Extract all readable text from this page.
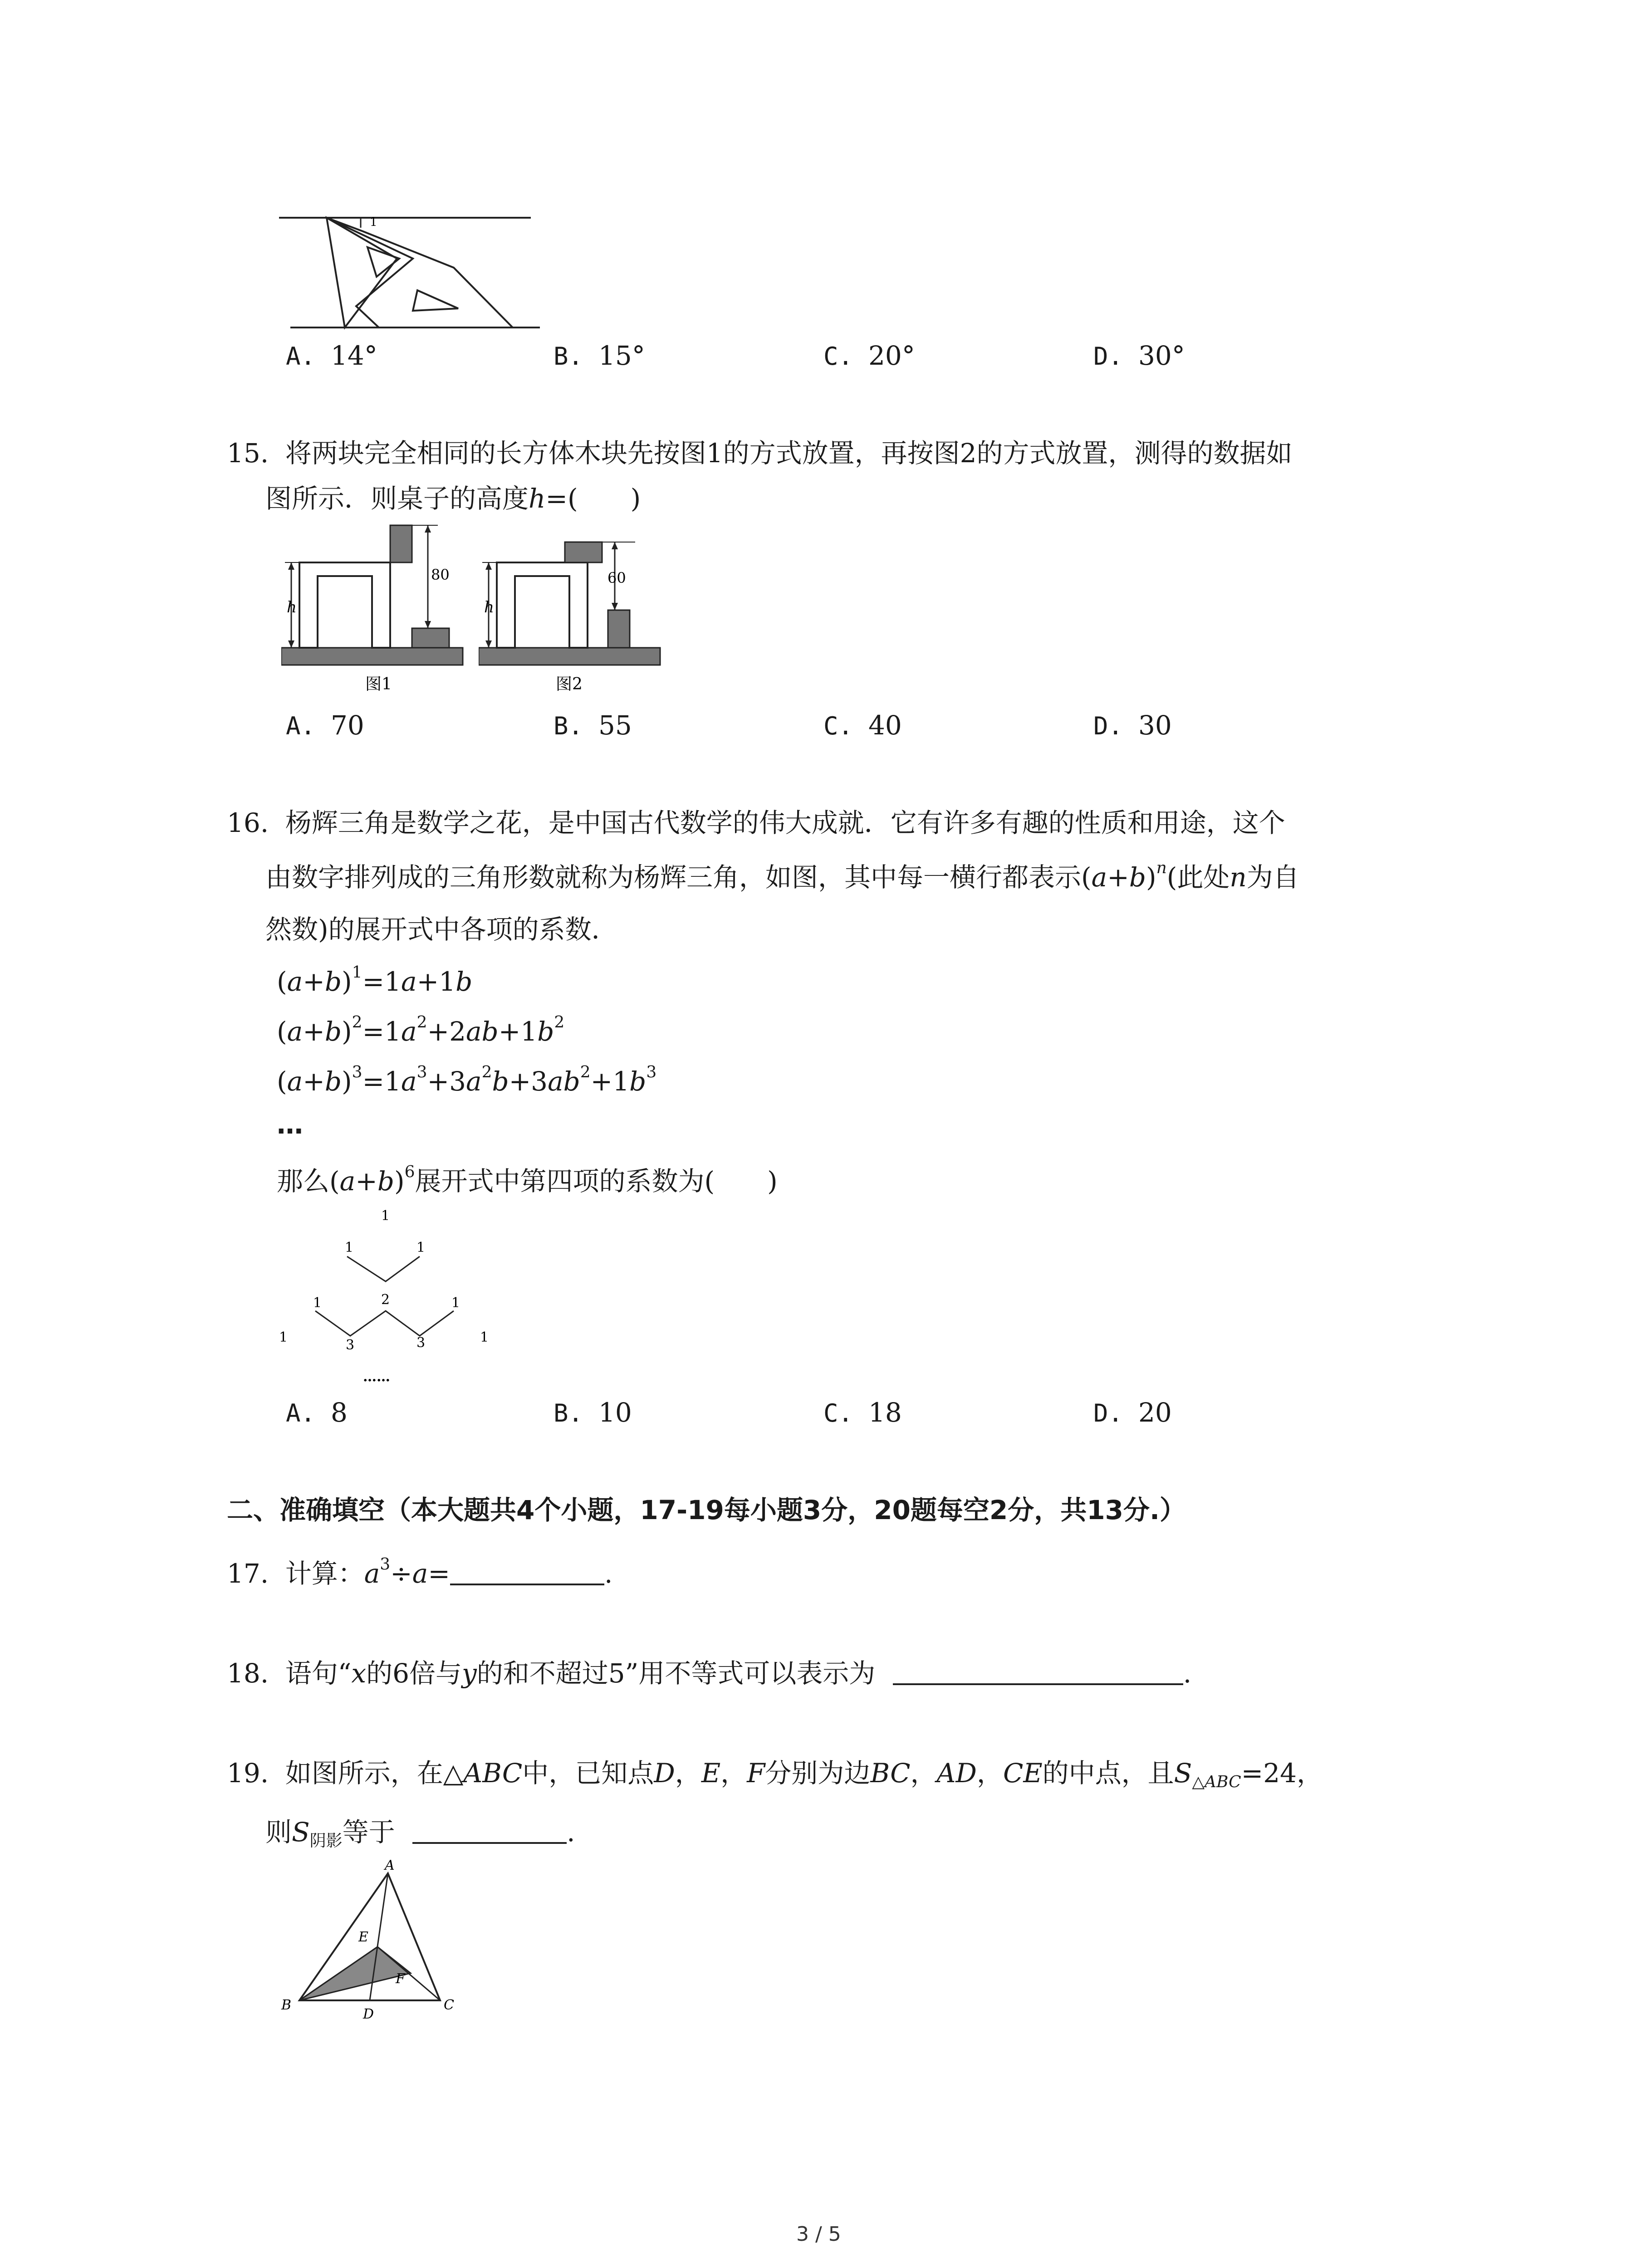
1
A. 14°	B. 15°	C. 20°	D. 30°
15. 将两块完全相同的长方体木块先按图1的方式放置，再按图2的方式放置，测得的数据如
图所示．则桌子的高度h=(　　)
h
80
图1
h
60
图2
A. 70	B. 55	C. 40	D. 30
16. 杨辉三角是数学之花，是中国古代数学的伟大成就．它有许多有趣的性质和用途，这个
由数字排列成的三角形数就称为杨辉三角，如图，其中每一横行都表示$(a+b)^n$(此处n为自
然数)的展开式中各项的系数．
$(a+b)^1=1a+1b$
$(a+b)^2=1a^2+2ab+1b^2$
$(a+b)^3=1a^3+3a^2b+3ab^2+1b^3$
…
那么$(a+b)^6$展开式中第四项的系数为(　　)
1
1	1
1	2	1
1	3	3	1
……
A. 8	B. 10	C. 18	D. 20
二、准确填空（本大题共4个小题，17-19每小题3分，20题每空2分，共13分.）
17. 计算：$a^3\div a=$	.
18. 语句“x的6倍与y的和不超过5”用不等式可以表示为	.
19. 如图所示，在△ABC中，已知点D，E，F分别为边BC，AD，CE的中点，且$S_{\triangle ABC}=24$，
则$S_{阴影}$等于	.
A
B	C
D
E
F
3 / 5
